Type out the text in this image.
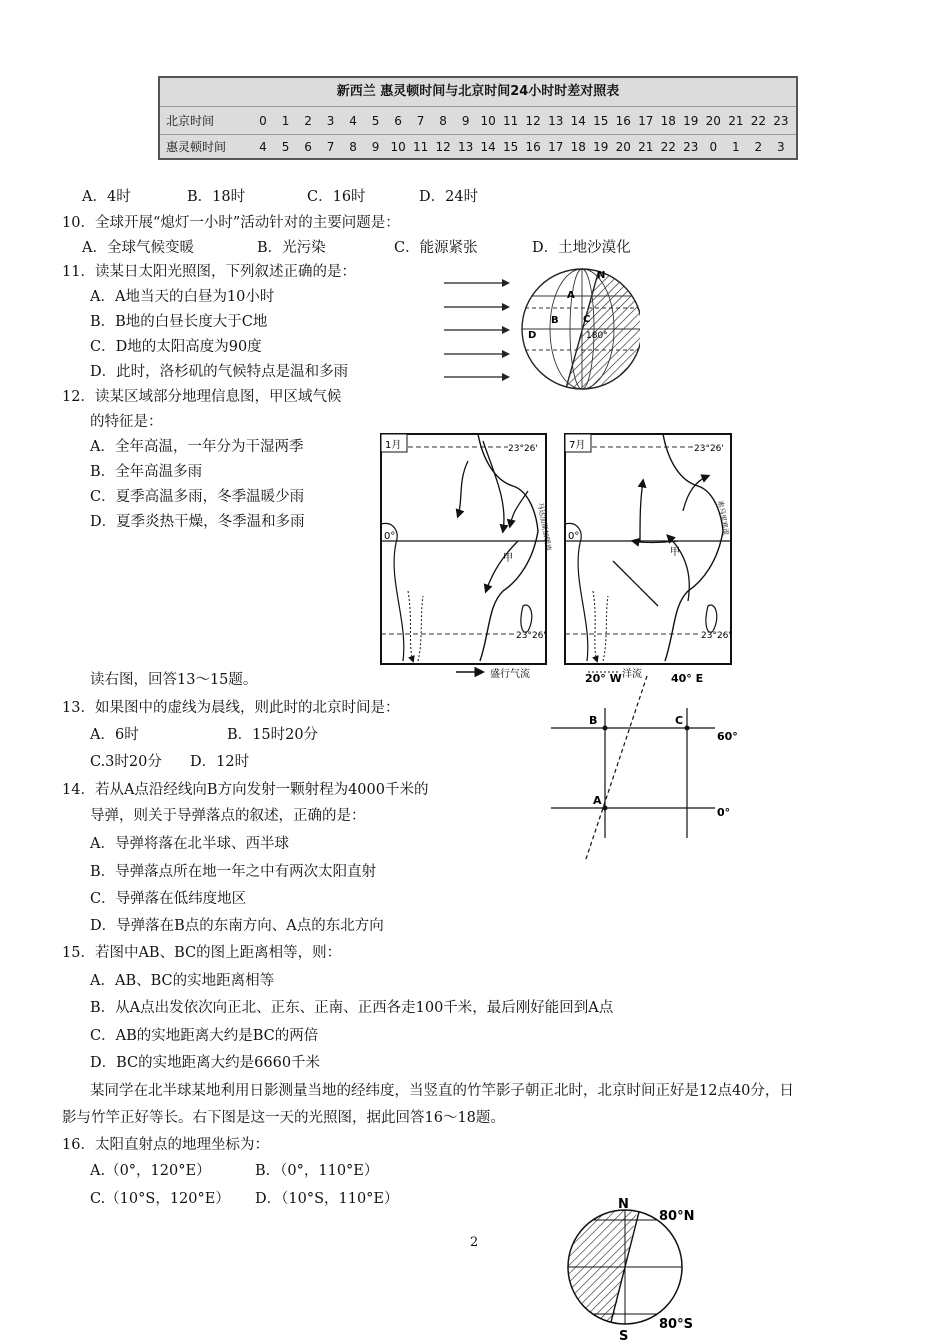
新西兰 惠灵顿时间与北京时间24小时时差对照表
北京时间	0	1	2	3	4	5	6	7	8	9 10 11 12 13 14 15 16 17 18 19 20 21 22 23
惠灵顿时间	4	5	6	7	8	9 10 11 12 13 14 15 16 17 18 19 20 21 22 23 0	1	2	3
A．4时	B．18时	C．16时	D．24时
10．全球开展“熄灯一小时”活动针对的主要问题是：
A．全球气候变暖	B．光污染	C．能源紧张	D．土地沙漠化
11．读某日太阳光照图，下列叙述正确的是：
A．A地当天的白昼为10小时
B．B地的白昼长度大于C地
C．D地的太阳高度为90度
D．此时，洛杉矶的气候特点是温和多雨
N
A
B
D
C
180°
12．读某区域部分地理信息图，甲区域气候
的特征是：
A．全年高温，一年分为干湿两季
B．全年高温多雨
C．夏季高温多雨，冬季温暖少雨
D．夏季炎热干燥，冬季温和多雨
1月	23°26'
0°
23°26'
甲
马达加斯加暖流
7月	23°26'
0°
23°26'
甲
索马里寒流
盛行气流	洋流
读右图，回答13～15题。
13．如果图中的虚线为晨线，则此时的北京时间是：
A．6时	B．15时20分
C.3时20分 D．12时
20° W	40° E
B	C
A
60°
0°
14．若从A点沿经线向B方向发射一颗射程为4000千米的
导弹，则关于导弹落点的叙述，正确的是：
A．导弹将落在北半球、西半球
B．导弹落点所在地一年之中有两次太阳直射
C．导弹落在低纬度地区
D．导弹落在B点的东南方向、A点的东北方向
15．若图中AB、BC的图上距离相等，则：
A．AB、BC的实地距离相等
B．从A点出发依次向正北、正东、正南、正西各走100千米，最后刚好能回到A点
C．AB的实地距离大约是BC的两倍
D．BC的实地距离大约是6660千米
某同学在北半球某地利用日影测量当地的经纬度，当竖直的竹竿影子朝正北时，北京时间正好是12点40分，日
影与竹竿正好等长。右下图是这一天的光照图，据此回答16～18题。
16．太阳直射点的地理坐标为：
A.（0°，120°E）	B．（0°，110°E）
C.（10°S，120°E） D．（10°S，110°E）
2
N
S
80°N
80°S
